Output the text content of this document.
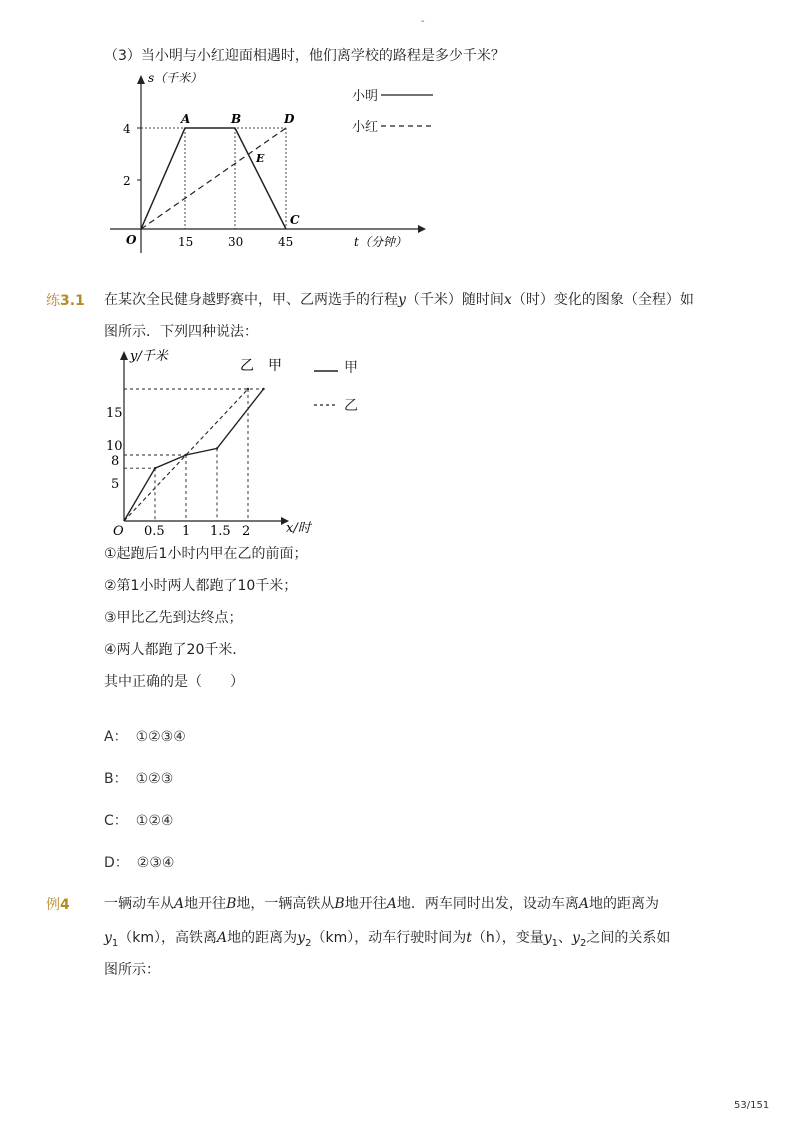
-
（3）当小明与小红迎面相遇时，他们离学校的路程是多少千米？
s（千米）
t（分钟）
4
2
15	30	45
O
A	B	D
E
C
小明
小红
练3.1 在某次全民健身越野赛中，甲、乙两选手的行程y（千米）随时间x（时）变化的图象（全程）如
图所示．下列四种说法：
y/千米
x/时
15
10
8
5
0.5 1 1.5 2
O
乙　甲	甲
乙
①起跑后1小时内甲在乙的前面；
②第1小时两人都跑了10千米；
③甲比乙先到达终点；
④两人都跑了20千米．
其中正确的是（　　）
A： ①②③④
B： ①②③
C： ①②④
D： ②③④
例4 一辆动车从A地开往B地，一辆高铁从B地开往A地．两车同时出发，设动车离A地的距离为
$y_1(km)$，高铁离A地的距离为$y_2(km)$，动车行驶时间为t（h），变量$y_1$、$y_2$之间的关系如
图所示：
53/151
